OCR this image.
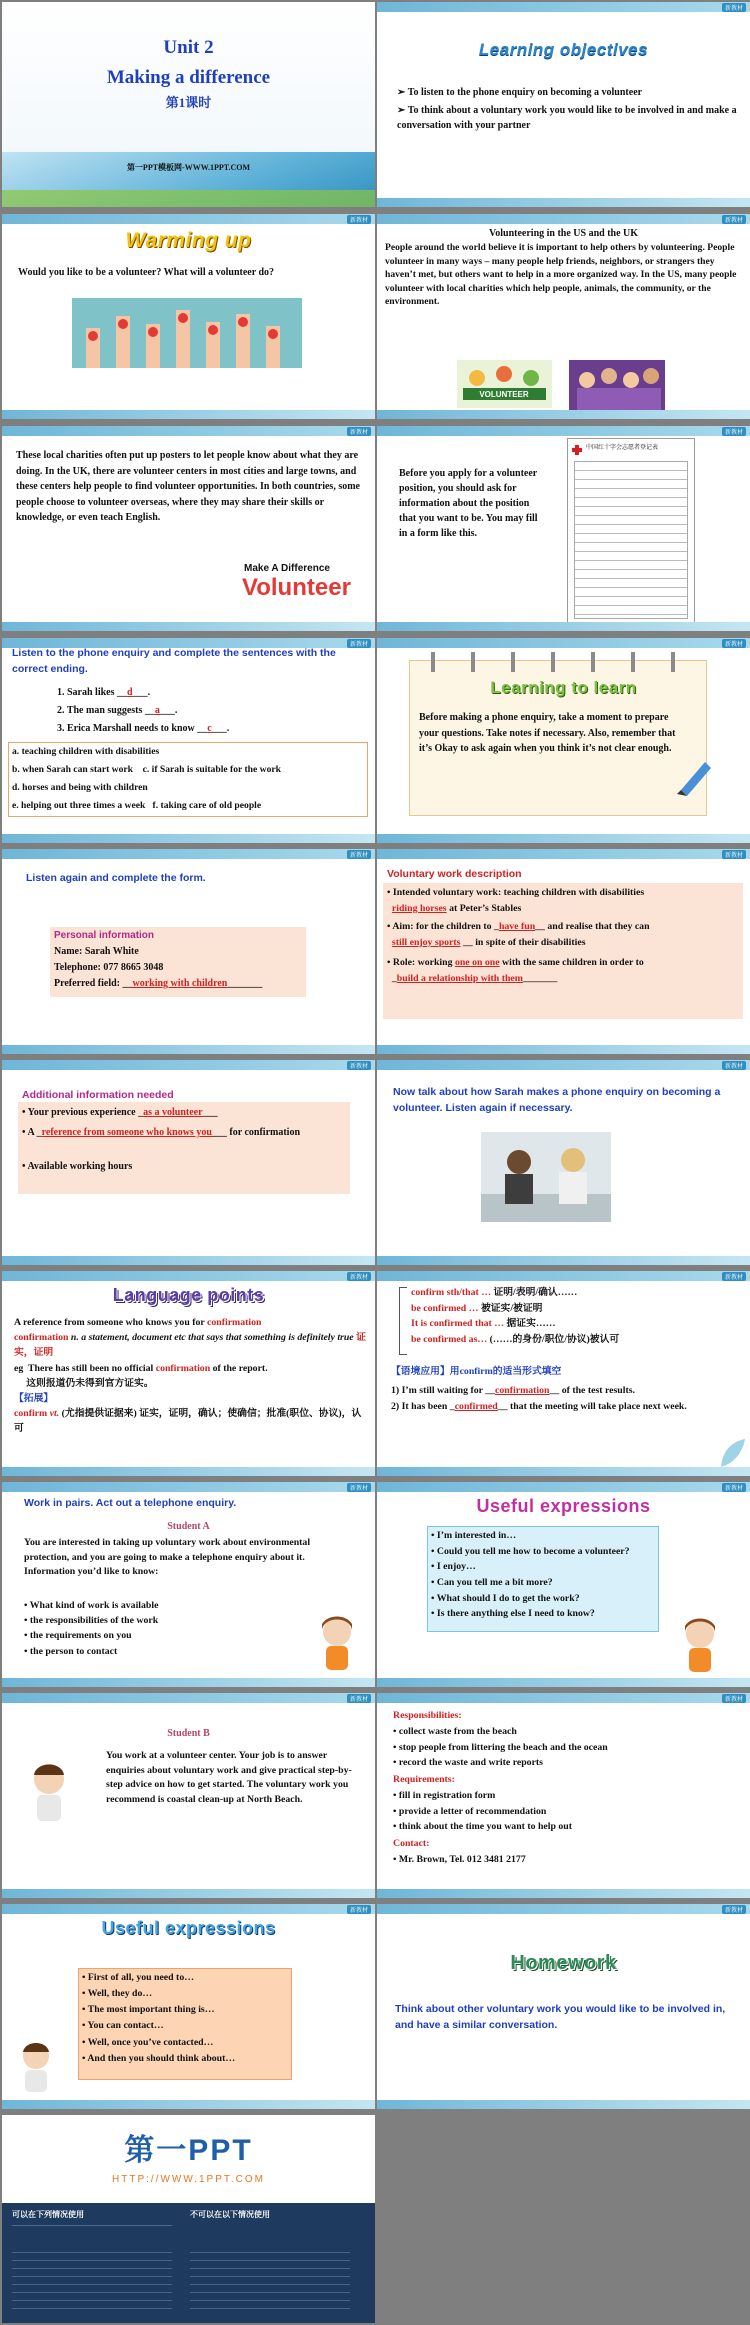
Unit 2
Making a difference
第1课时
第一PPT模板网-WWW.1PPT.COM
新教材
Learning objectives
➢ To listen to the phone enquiry on becoming a volunteer
➢ To think about a voluntary work you would like to be involved in and make a conversation with your partner
新教材
Warming up
Would you like to be a volunteer? What will a volunteer do?
新教材
Volunteering in the US and the UK
People around the world believe it is important to help others by volunteering. People volunteer in many ways – many people help friends, neighbors, or strangers they haven’t met, but others want to help in a more organized way. In the US, many people volunteer with local charities which help people, animals, the community, or the environment.
VOLUNTEER
新教材
These local charities often put up posters to let people know about what they are doing. In the UK, there are volunteer centers in most cities and large towns, and these centers help people to find volunteer opportunities. In both countries, some people choose to volunteer overseas, where they may share their skills or knowledge, or even teach English.
Make A Difference
Volunteer
新教材
Before you apply for a volunteer position, you should ask for information about the position that you want to be. You may fill in a form like this.
中国红十字会志愿者登记表
新教材
Listen to the phone enquiry and complete the sentences with the correct ending.
1. Sarah likes __d___.
2. The man suggests __a___.
3. Erica Marshall needs to know __c___.
a. teaching children with disabilities
b. when Sarah can start work c. if Sarah is suitable for the work
d. horses and being with children
e. helping out three times a week f. taking care of old people
新教材
Learning to learn
Before making a phone enquiry, take a moment to prepare your questions. Take notes if necessary. Also, remember that it’s Okay to ask again when you think it’s not clear enough.
新教材
Listen again and complete the form.
Personal information
Name: Sarah White
Telephone: 077 8665 3048
Preferred field: __working with children_______
新教材
Voluntary work description
• Intended voluntary work: teaching children with disabilities
riding horses at Peter’s Stables
• Aim: for the children to _have fun__ and realise that they can
still enjoy sports __ in spite of their disabilities
• Role: working one on one with the same children in order to
_build a relationship with them_______
新教材
Additional information needed
• Your previous experience _as a volunteer___
• A _reference from someone who knows you___ for confirmation
• Available working hours
新教材
Now talk about how Sarah makes a phone enquiry on becoming a volunteer. Listen again if necessary.
新教材
Language points
A reference from someone who knows you for confirmation
confirmation n. a statement, document etc that says that something is definitely true 证实，证明
eg There has still been no official confirmation of the report.
这则报道仍未得到官方证实。
【拓展】
confirm vt. (尤指提供证据来) 证实，证明，确认；使确信；批准(职位、协议)，认可
新教材
confirm sth/that … 证明/表明/确认……
be confirmed … 被证实/被证明
It is confirmed that … 据证实……
be confirmed as… (……的身份/职位/协议)被认可
【语境应用】用confirm的适当形式填空
1) I’m still waiting for __confirmation__ of the test results.
2) It has been _confirmed__ that the meeting will take place next week.
新教材
Work in pairs. Act out a telephone enquiry.
Student A
You are interested in taking up voluntary work about environmental protection, and you are going to make a telephone enquiry about it. Information you’d like to know:
• What kind of work is available
• the responsibilities of the work
• the requirements on you
• the person to contact
新教材
Useful expressions
• I’m interested in…
• Could you tell me how to become a volunteer?
• I enjoy…
• Can you tell me a bit more?
• What should I do to get the work?
• Is there anything else I need to know?
新教材
Student B
You work at a volunteer center. Your job is to answer enquiries about voluntary work and give practical step-by-step advice on how to get started. The voluntary work you recommend is coastal clean-up at North Beach.
新教材
Responsibilities:
• collect waste from the beach
• stop people from littering the beach and the ocean
• record the waste and write reports
Requirements:
• fill in registration form
• provide a letter of recommendation
• think about the time you want to help out
Contact:
• Mr. Brown, Tel. 012 3481 2177
新教材
Useful expressions
• First of all, you need to…
• Well, they do…
• The most important thing is…
• You can contact…
• Well, once you’ve contacted…
• And then you should think about…
新教材
Homework
Think about other voluntary work you would like to be involved in, and have a similar conversation.
第一PPT
HTTP://WWW.1PPT.COM
可以在下列情况使用	不可以在以下情况使用
